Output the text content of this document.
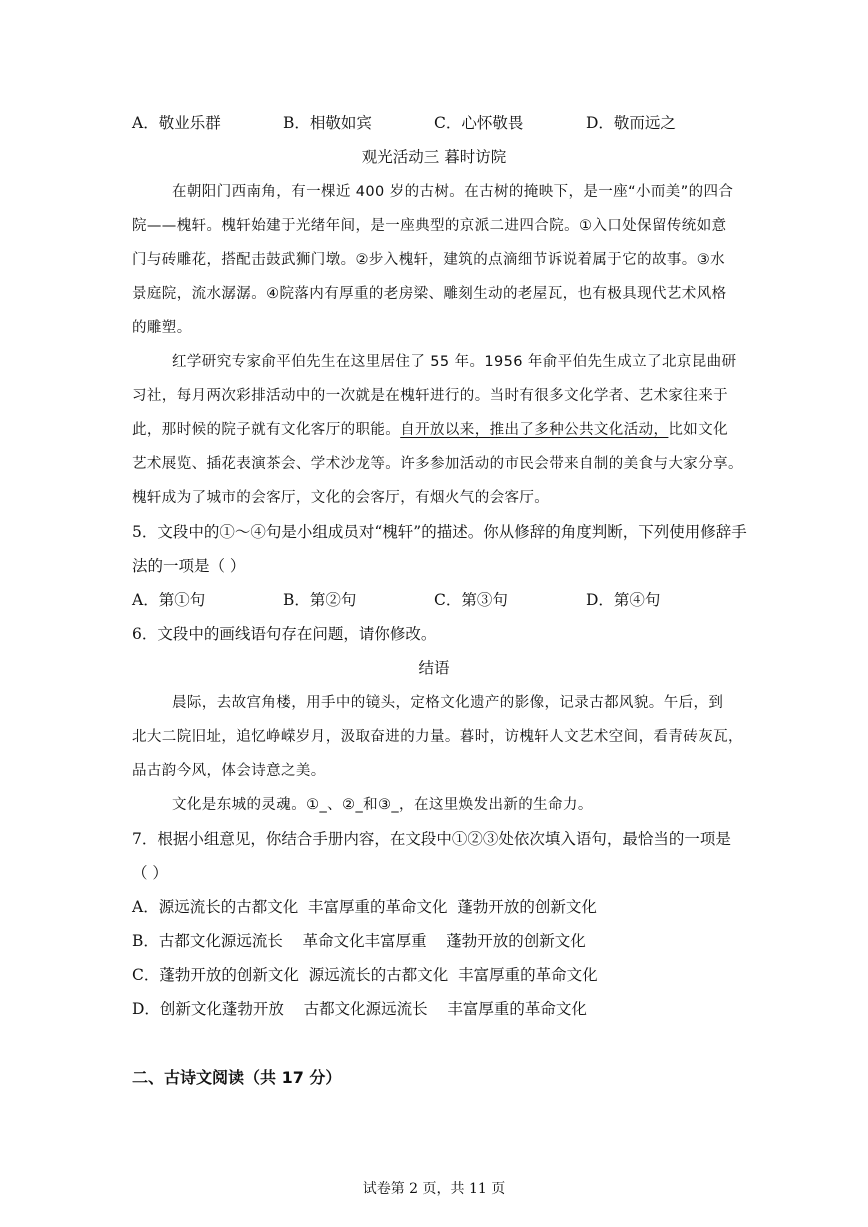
A．敬业乐群	B．相敬如宾	C．心怀敬畏	D．敬而远之
观光活动三 暮时访院
在朝阳门西南角，有一棵近 400 岁的古树。在古树的掩映下，是一座“小而美”的四合
院——槐轩。槐轩始建于光绪年间，是一座典型的京派二进四合院。①入口处保留传统如意
门与砖雕花，搭配击鼓武狮门墩。②步入槐轩，建筑的点滴细节诉说着属于它的故事。③水
景庭院，流水潺潺。④院落内有厚重的老房梁、雕刻生动的老屋瓦，也有极具现代艺术风格
的雕塑。
红学研究专家俞平伯先生在这里居住了 55 年。1956 年俞平伯先生成立了北京昆曲研
习社，每月两次彩排活动中的一次就是在槐轩进行的。当时有很多文化学者、艺术家往来于
此，那时候的院子就有文化客厅的职能。自开放以来，推出了多种公共文化活动，比如文化
艺术展览、插花表演茶会、学术沙龙等。许多参加活动的市民会带来自制的美食与大家分享。
槐轩成为了城市的会客厅，文化的会客厅，有烟火气的会客厅。
5．文段中的①～④句是小组成员对“槐轩”的描述。你从修辞的角度判断，下列使用修辞手
法的一项是（ ）
A．第①句	B．第②句	C．第③句	D．第④句
6．文段中的画线语句存在问题，请你修改。
结语
晨际，去故宫角楼，用手中的镜头，定格文化遗产的影像，记录古都风貌。午后，到
北大二院旧址，追忆峥嵘岁月，汲取奋进的力量。暮时，访槐轩人文艺术空间，看青砖灰瓦，
品古韵今风，体会诗意之美。
文化是东城的灵魂。①_、②_和③_，在这里焕发出新的生命力。
7．根据小组意见，你结合手册内容，在文段中①②③处依次填入语句，最恰当的一项是
（ ）
A．源远流长的古都文化  丰富厚重的革命文化  蓬勃开放的创新文化
B．古都文化源远流长    革命文化丰富厚重    蓬勃开放的创新文化
C．蓬勃开放的创新文化  源远流长的古都文化  丰富厚重的革命文化
D．创新文化蓬勃开放    古都文化源远流长    丰富厚重的革命文化
二、古诗文阅读（共 17 分）
试卷第 2 页，共 11 页
